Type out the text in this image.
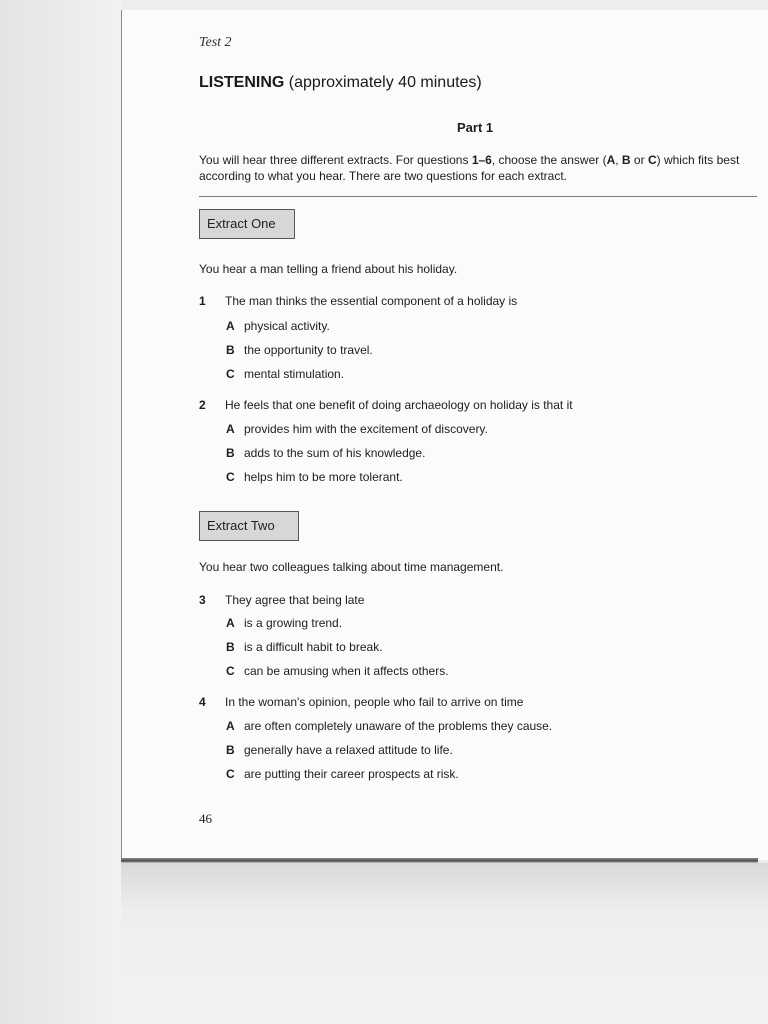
Test 2
LISTENING (approximately 40 minutes)
Part 1
You will hear three different extracts. For questions 1–6, choose the answer (A, B or C) which fits best according to what you hear. There are two questions for each extract.
Extract One
You hear a man telling a friend about his holiday.
1 The man thinks the essential component of a holiday is
A physical activity.
B the opportunity to travel.
C mental stimulation.
2 He feels that one benefit of doing archaeology on holiday is that it
A provides him with the excitement of discovery.
B adds to the sum of his knowledge.
C helps him to be more tolerant.
Extract Two
You hear two colleagues talking about time management.
3 They agree that being late
A is a growing trend.
B is a difficult habit to break.
C can be amusing when it affects others.
4 In the woman's opinion, people who fail to arrive on time
A are often completely unaware of the problems they cause.
B generally have a relaxed attitude to life.
C are putting their career prospects at risk.
46
